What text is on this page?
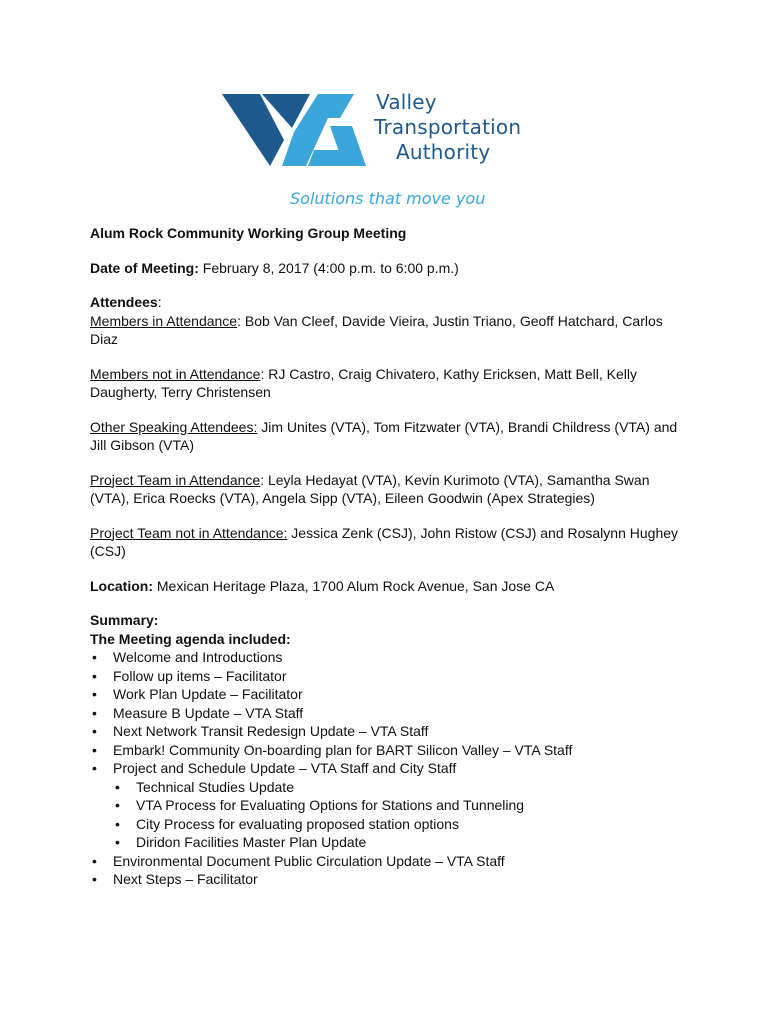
Valley
Transportation
Authority
Solutions that move you

Alum Rock Community Working Group Meeting

Date of Meeting: February 8, 2017 (4:00 p.m. to 6:00 p.m.)

Attendees:

Members in Attendance: Bob Van Cleef, Davide Vieira, Justin Triano, Geoff Hatchard, Carlos Diaz

Members not in Attendance: RJ Castro, Craig Chivatero, Kathy Ericksen, Matt Bell, Kelly Daugherty, Terry Christensen

Other Speaking Attendees: Jim Unites (VTA), Tom Fitzwater (VTA), Brandi Childress (VTA) and Jill Gibson (VTA)

Project Team in Attendance: Leyla Hedayat (VTA), Kevin Kurimoto (VTA), Samantha Swan (VTA), Erica Roecks (VTA), Angela Sipp (VTA), Eileen Goodwin (Apex Strategies)

Project Team not in Attendance: Jessica Zenk (CSJ), John Ristow (CSJ) and Rosalynn Hughey (CSJ)

Location: Mexican Heritage Plaza, 1700 Alum Rock Avenue, San Jose CA

Summary:

The Meeting agenda included:

• Welcome and Introductions
• Follow up items – Facilitator
• Work Plan Update – Facilitator
• Measure B Update – VTA Staff
• Next Network Transit Redesign Update – VTA Staff
• Embark! Community On-boarding plan for BART Silicon Valley – VTA Staff
• Project and Schedule Update – VTA Staff and City Staff
• Technical Studies Update
• VTA Process for Evaluating Options for Stations and Tunneling
• City Process for evaluating proposed station options
• Diridon Facilities Master Plan Update
• Environmental Document Public Circulation Update – VTA Staff
• Next Steps – Facilitator
